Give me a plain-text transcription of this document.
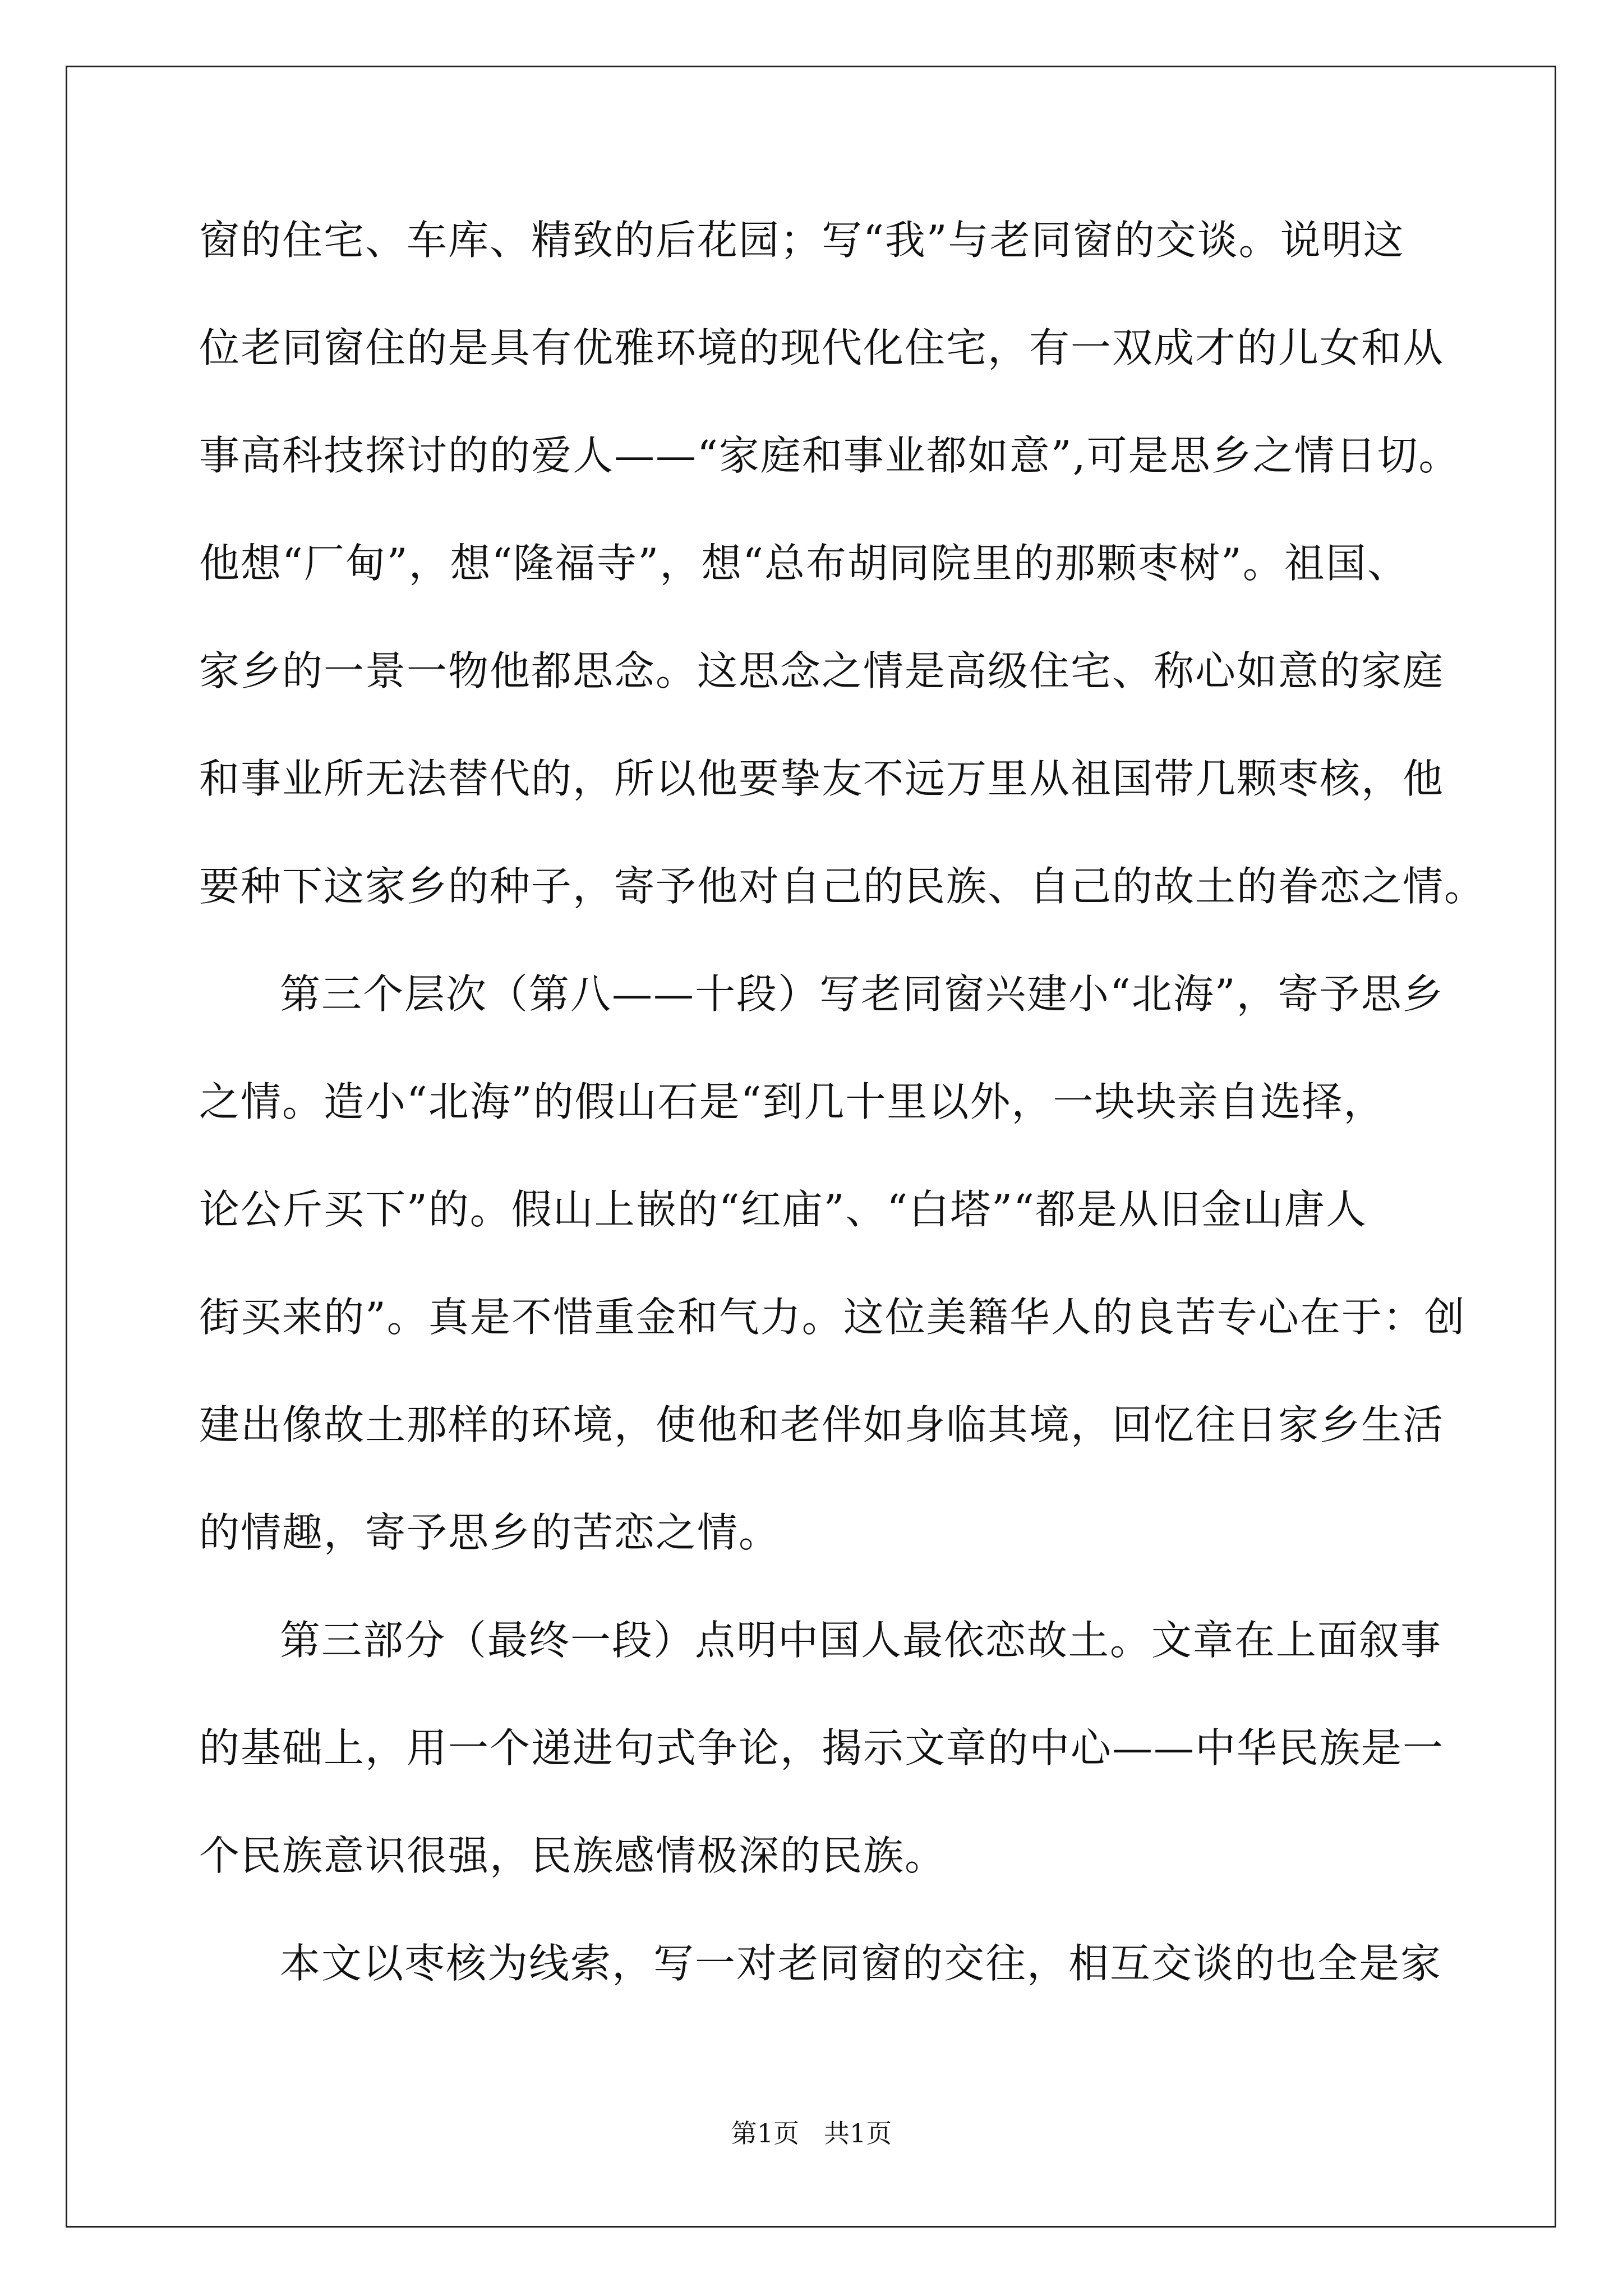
窗的住宅、车库、精致的后花园；写“我”与老同窗的交谈。说明这
位老同窗住的是具有优雅环境的现代化住宅，有一双成才的儿女和从
事高科技探讨的的爱人——“家庭和事业都如意”,可是思乡之情日切。
他想“厂甸”，想“隆福寺”，想“总布胡同院里的那颗枣树”。祖国、
家乡的一景一物他都思念。这思念之情是高级住宅、称心如意的家庭
和事业所无法替代的，所以他要挚友不远万里从祖国带几颗枣核，他
要种下这家乡的种子，寄予他对自己的民族、自己的故土的眷恋之情。
第三个层次（第八——十段）写老同窗兴建小“北海”，寄予思乡
之情。造小“北海”的假山石是“到几十里以外，一块块亲自选择，
论公斤买下”的。假山上嵌的“红庙”、“白塔”“都是从旧金山唐人
街买来的”。真是不惜重金和气力。这位美籍华人的良苦专心在于：创
建出像故土那样的环境，使他和老伴如身临其境，回忆往日家乡生活
的情趣，寄予思乡的苦恋之情。
第三部分（最终一段）点明中国人最依恋故土。文章在上面叙事
的基础上，用一个递进句式争论，揭示文章的中心——中华民族是一
个民族意识很强，民族感情极深的民族。
本文以枣核为线索，写一对老同窗的交往，相互交谈的也全是家
第1页 共1页
